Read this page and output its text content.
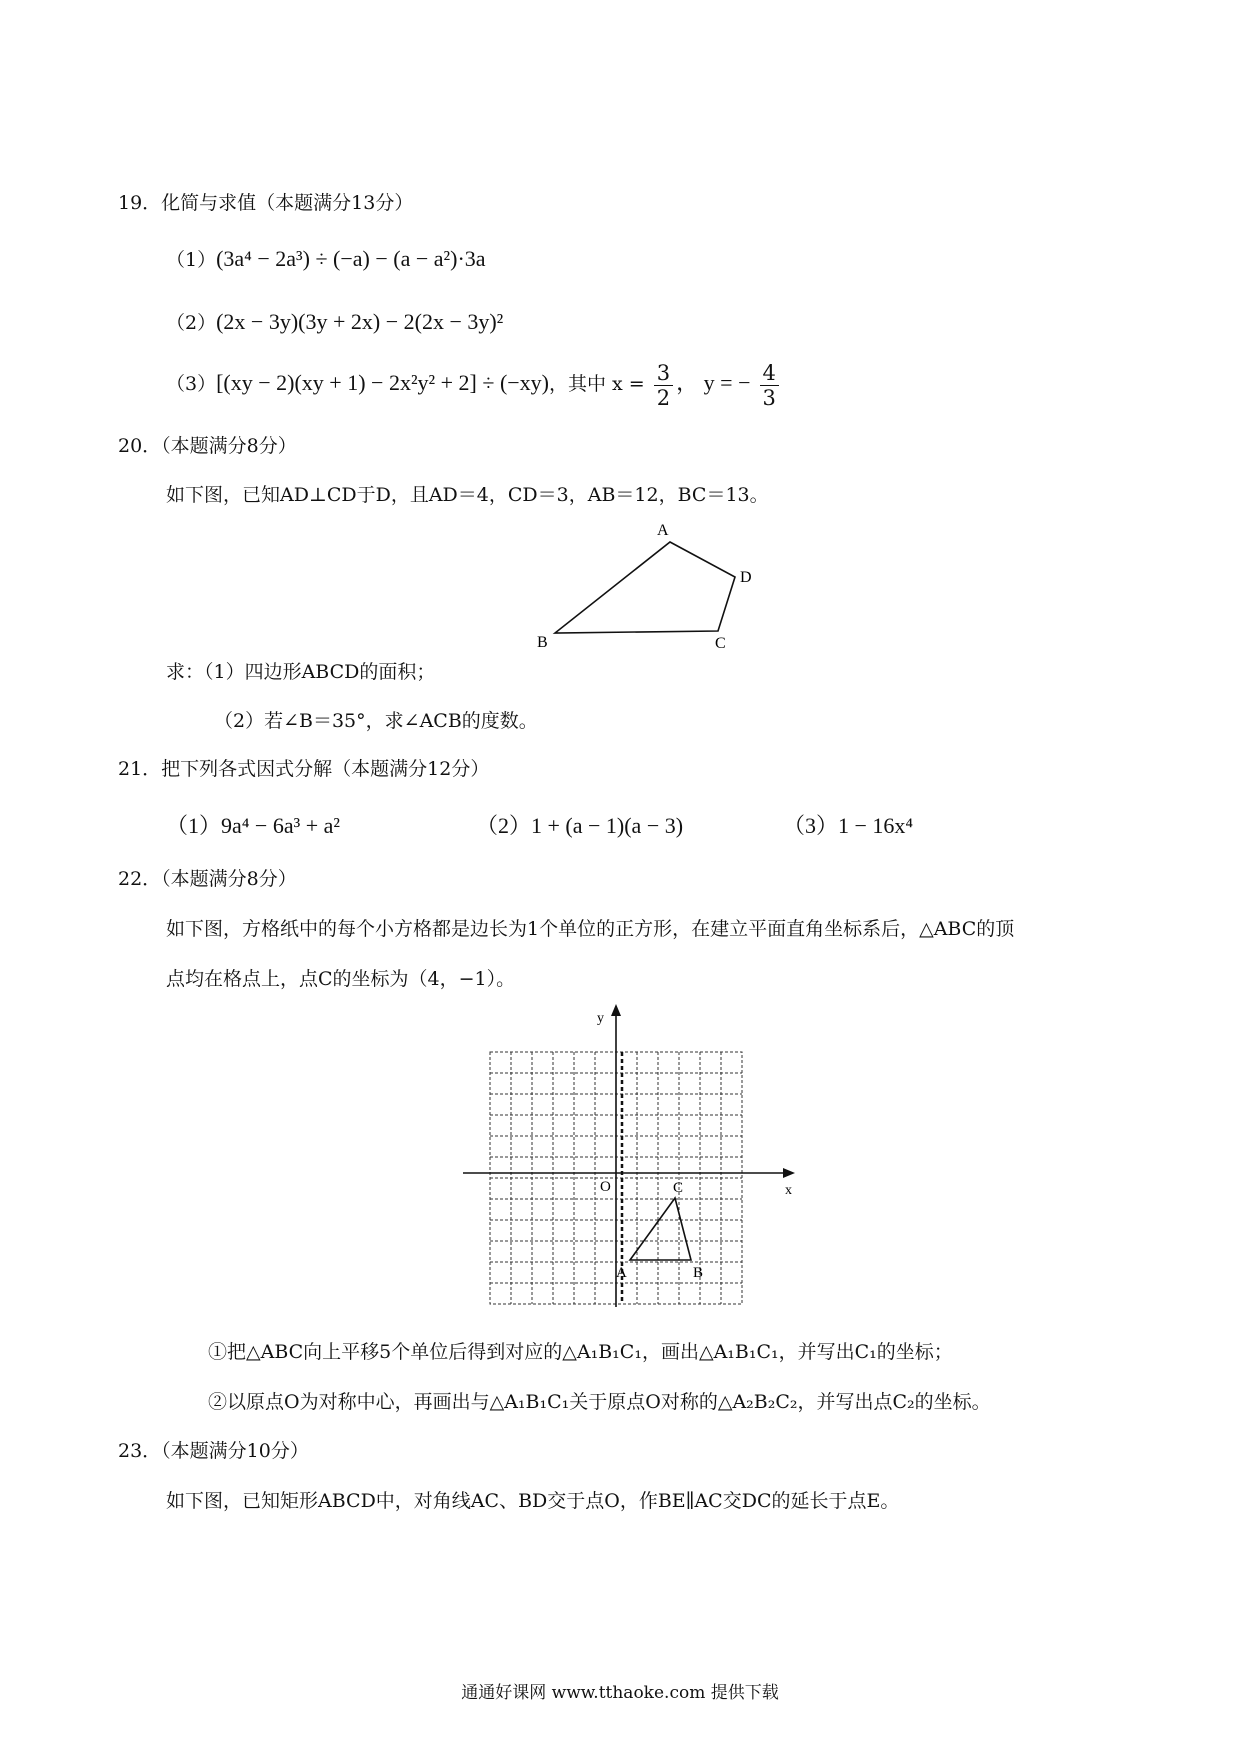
19．化简与求值（本题满分13分）
（1）(3a⁴ − 2a³) ÷ (−a) − (a − a²)·3a
（2）(2x − 3y)(3y + 2x) − 2(2x − 3y)²
（3）[(xy − 2)(xy + 1) − 2x²y² + 2] ÷ (−xy)，其中 $x = \frac{3}{2}$ ， y = − $\frac{4}{3}$
20．（本题满分8分）
如下图，已知AD⊥CD于D，且AD＝4，CD＝3，AB＝12，BC＝13。
A
D
B	C
求：（1）四边形ABCD的面积；
（2）若∠B＝35°，求∠ACB的度数。
21．把下列各式因式分解（本题满分12分）
（1）9a⁴ − 6a³ + a²	（2）1 + (a − 1)(a − 3)	（3）1 − 16x⁴
22．（本题满分8分）
如下图，方格纸中的每个小方格都是边长为1个单位的正方形，在建立平面直角坐标系后，△ABC的顶
点均在格点上，点C的坐标为（4，−1）。
x
y
O
A	B
C
①把△ABC向上平移5个单位后得到对应的△A₁B₁C₁，画出△A₁B₁C₁，并写出C₁的坐标；
②以原点O为对称中心，再画出与△A₁B₁C₁关于原点O对称的△A₂B₂C₂，并写出点C₂的坐标。
23．（本题满分10分）
如下图，已知矩形ABCD中，对角线AC、BD交于点O，作BE∥AC交DC的延长于点E。
通通好课网 www.tthaoke.com 提供下载
